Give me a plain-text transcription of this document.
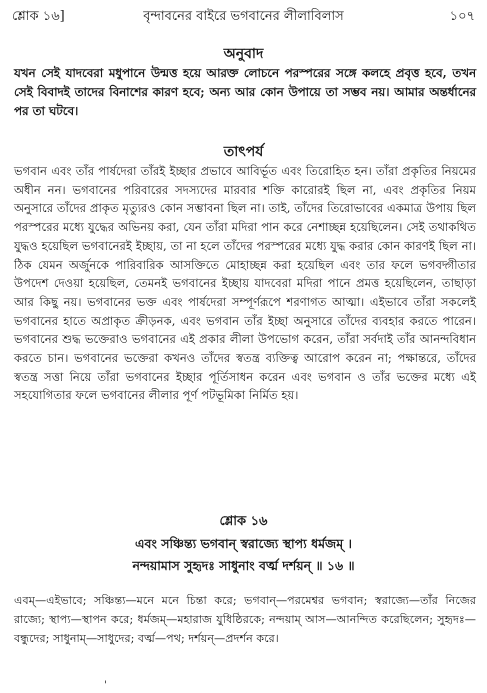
শ্লোক ১৬]	বৃন্দাবনের বাইরে ভগবানের লীলাবিলাস	১০৭
অনুবাদ

যখন সেই যাদবেরা মধুপানে উন্মত্ত হয়ে আরক্ত লোচনে পরস্পরের সঙ্গে কলহে প্রবৃত্ত হবে, তখন সেই বিবাদই তাদের বিনাশের কারণ হবে; অন্য আর কোন উপায়ে তা সম্ভব নয়। আমার অন্তর্ধানের পর তা ঘটবে।

তাৎপর্য

ভগবান এবং তাঁর পার্ষদেরা তাঁরই ইচ্ছার প্রভাবে আবির্ভূত এবং তিরোহিত হন। তাঁরা প্রকৃতির নিয়মের অধীন নন। ভগবানের পরিবারের সদস্যদের মারবার শক্তি কারোরই ছিল না, এবং প্রকৃতির নিয়ম অনুসারে তাঁদের প্রাকৃত মৃত্যুরও কোন সম্ভাবনা ছিল না। তাই, তাঁদের তিরোভাবের একমাত্র উপায় ছিল পরস্পরের মধ্যে যুদ্ধের অভিনয় করা, যেন তাঁরা মদিরা পান করে নেশাচ্ছন্ন হয়েছিলেন। সেই তথাকথিত যুদ্ধও হয়েছিল ভগবানেরই ইচ্ছায়, তা না হলে তাঁদের পরস্পরের মধ্যে যুদ্ধ করার কোন কারণই ছিল না। ঠিক যেমন অর্জুনকে পারিবারিক আসক্তিতে মোহাচ্ছন্ন করা হয়েছিল এবং তার ফলে ভগবদ্গীতার উপদেশ দেওয়া হয়েছিল, তেমনই ভগবানের ইচ্ছায় যাদবেরা মদিরা পানে প্রমত্ত হয়েছিলেন, তাছাড়া আর কিছু নয়। ভগবানের ভক্ত এবং পার্ষদেরা সম্পূর্ণরূপে শরণাগত আত্মা। এইভাবে তাঁরা সকলেই ভগবানের হাতে অপ্রাকৃত ক্রীড়নক, এবং ভগবান তাঁর ইচ্ছা অনুসারে তাঁদের ব্যবহার করতে পারেন। ভগবানের শুদ্ধ ভক্তেরাও ভগবানের এই প্রকার লীলা উপভোগ করেন, তাঁরা সর্বদাই তাঁর আনন্দবিধান করতে চান। ভগবানের ভক্তেরা কখনও তাঁদের স্বতন্ত্র ব্যক্তিত্ব আরোপ করেন না; পক্ষান্তরে, তাঁদের স্বতন্ত্র সত্তা নিয়ে তাঁরা ভগবানের ইচ্ছার পূর্তিসাধন করেন এবং ভগবান ও তাঁর ভক্তের মধ্যে এই সহযোগিতার ফলে ভগবানের লীলার পূর্ণ পটভূমিকা নির্মিত হয়।

শ্লোক ১৬
এবং সঞ্চিন্ত্য ভগবান্ স্বরাজ্যে স্থাপ্য ধর্মজম্ ।
নন্দয়ামাস সুহৃদঃ সাধুনাং বর্ত্ম দর্শয়ন্ ॥ ১৬ ॥

এবম্—এইভাবে; সঞ্চিন্ত্য—মনে মনে চিন্তা করে; ভগবান্—পরমেশ্বর ভগবান; স্বরাজ্যে—তাঁর নিজের রাজ্যে; স্থাপ্য—স্থাপন করে; ধর্মজম্—মহারাজ যুধিষ্ঠিরকে; নন্দয়াম্ আস—আনন্দিত করেছিলেন; সুহৃদঃ—বন্ধুদের; সাধুনাম্—সাধুদের; বর্ত্ম—পথ; দর্শয়ন্—প্রদর্শন করে।

'
